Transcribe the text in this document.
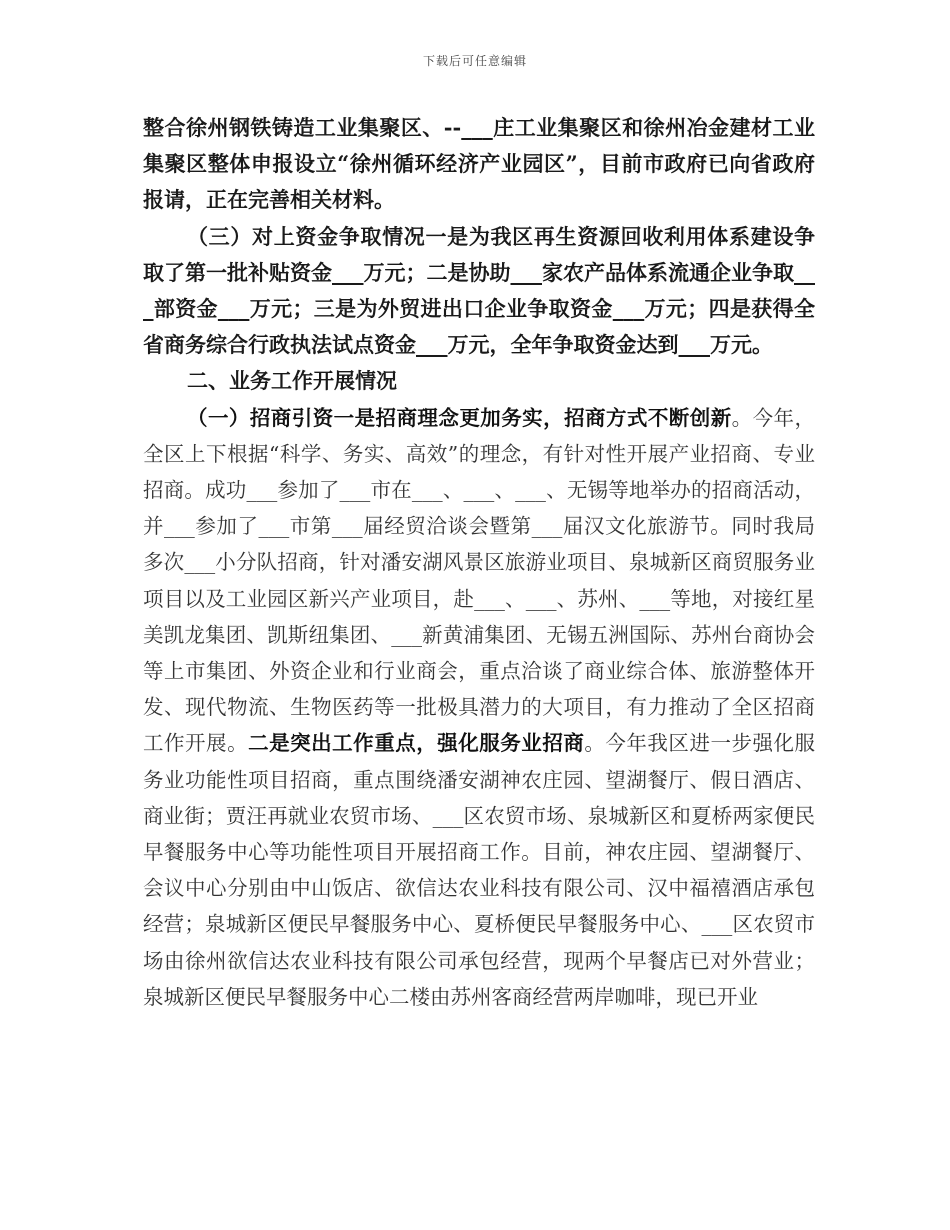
下载后可任意编辑

整合徐州钢铁铸造工业集聚区、--___庄工业集聚区和徐州冶金建材工业集聚区整体申报设立“徐州循环经济产业园区”，目前市政府已向省政府报请，正在完善相关材料。

（三）对上资金争取情况一是为我区再生资源回收利用体系建设争取了第一批补贴资金___万元；二是协助___家农产品体系流通企业争取___部资金___万元；三是为外贸进出口企业争取资金___万元；四是获得全省商务综合行政执法试点资金___万元，全年争取资金达到___万元。

二、业务工作开展情况

（一）招商引资一是招商理念更加务实，招商方式不断创新。今年，全区上下根据“科学、务实、高效”的理念，有针对性开展产业招商、专业招商。成功___参加了___市在___、___、___、无锡等地举办的招商活动，并___参加了___市第___届经贸洽谈会暨第___届汉文化旅游节。同时我局多次___小分队招商，针对潘安湖风景区旅游业项目、泉城新区商贸服务业项目以及工业园区新兴产业项目，赴___、___、苏州、___等地，对接红星美凯龙集团、凯斯纽集团、___新黄浦集团、无锡五洲国际、苏州台商协会等上市集团、外资企业和行业商会，重点洽谈了商业综合体、旅游整体开发、现代物流、生物医药等一批极具潜力的大项目，有力推动了全区招商工作开展。二是突出工作重点，强化服务业招商。今年我区进一步强化服务业功能性项目招商，重点围绕潘安湖神农庄园、望湖餐厅、假日酒店、商业街；贾汪再就业农贸市场、___区农贸市场、泉城新区和夏桥两家便民早餐服务中心等功能性项目开展招商工作。目前，神农庄园、望湖餐厅、会议中心分别由中山饭店、欲信达农业科技有限公司、汉中福禧酒店承包经营；泉城新区便民早餐服务中心、夏桥便民早餐服务中心、___区农贸市场由徐州欲信达农业科技有限公司承包经营，现两个早餐店已对外营业；泉城新区便民早餐服务中心二楼由苏州客商经营两岸咖啡，现已开业
